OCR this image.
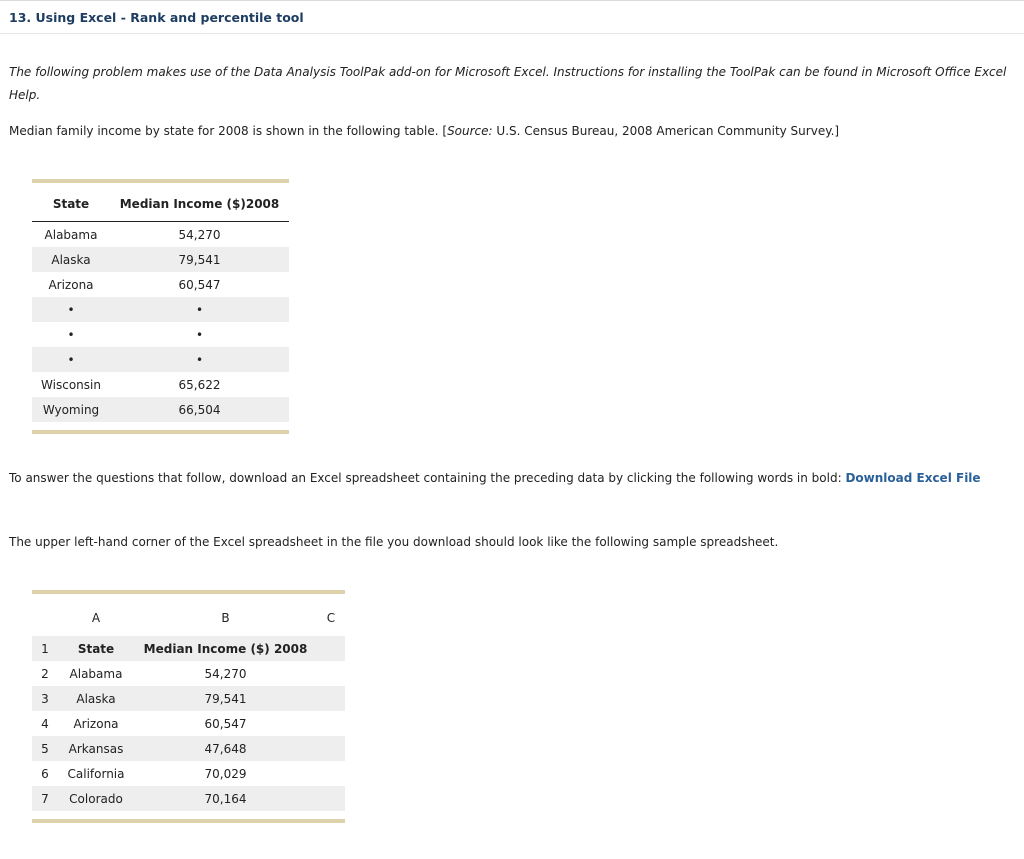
13. Using Excel - Rank and percentile tool
The following problem makes use of the Data Analysis ToolPak add-on for Microsoft Excel. Instructions for installing the ToolPak can be found in Microsoft Office Excel Help.
Median family income by state for 2008 is shown in the following table. [Source: U.S. Census Bureau, 2008 American Community Survey.]

State	Median Income ($)2008
Alabama	54,270
Alaska	79,541
Arizona	60,547
•	•
•	•
•	•
Wisconsin	65,622
Wyoming	66,504

To answer the questions that follow, download an Excel spreadsheet containing the preceding data by clicking the following words in bold: Download Excel File
The upper left-hand corner of the Excel spreadsheet in the file you download should look like the following sample spreadsheet.

	A	B	C
1	State	Median Income ($) 2008	
2	Alabama	54,270	
3	Alaska	79,541	
4	Arizona	60,547	
5	Arkansas	47,648	
6	California	70,029	
7	Colorado	70,164	
